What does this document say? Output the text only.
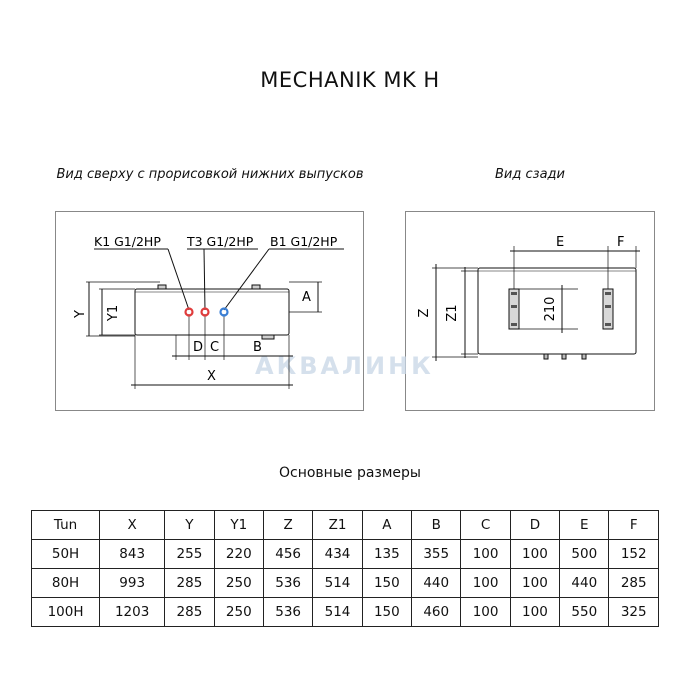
MECHANIK MK H
Вид сверху с прорисовкой нижних выпусков	Вид сзади
АКВАЛИНК
K1 G1/2HP T3 G1/2HP B1 G1/2HP
Y Y1
A
D C	B
X
E	F
Z Z1	210
Основные размеры
Tun	X	Y	Y1	Z	Z1	A	B	C	D	E	F
50H	843	255	220	456	434	135	355	100	100	500	152
80H	993	285	250	536	514	150	440	100	100	440	285
100H	1203	285	250	536	514	150	460	100	100	550	325
